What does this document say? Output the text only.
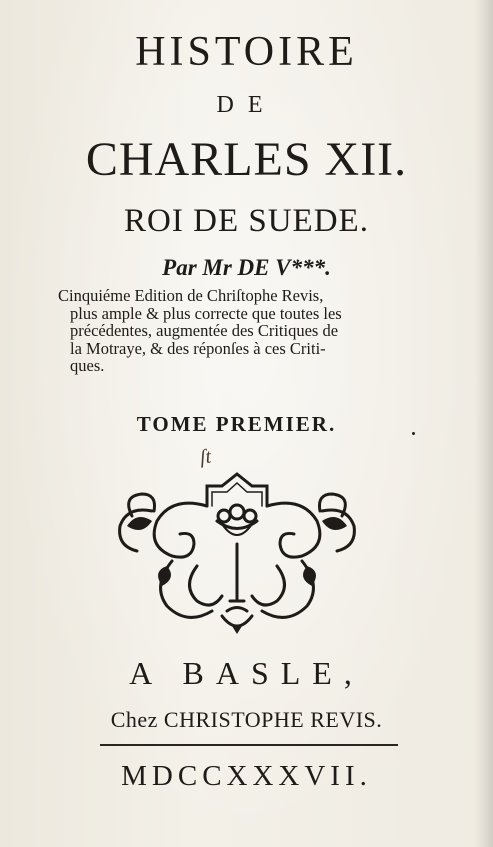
HISTOIRE
DE
CHARLES XII.
ROI DE SUEDE.
Par Mr DE V***.
Cinquiéme Edition de Chriſtophe Revis,
plus ample & plus correcte que toutes les
précédentes, augmentée des Critiques de
la Motraye, & des réponſes à ces Criti-
ques.
TOME PREMIER.
ſt
A BASLE,
Chez CHRISTOPHE REVIS.
MDCCXXXVII.
